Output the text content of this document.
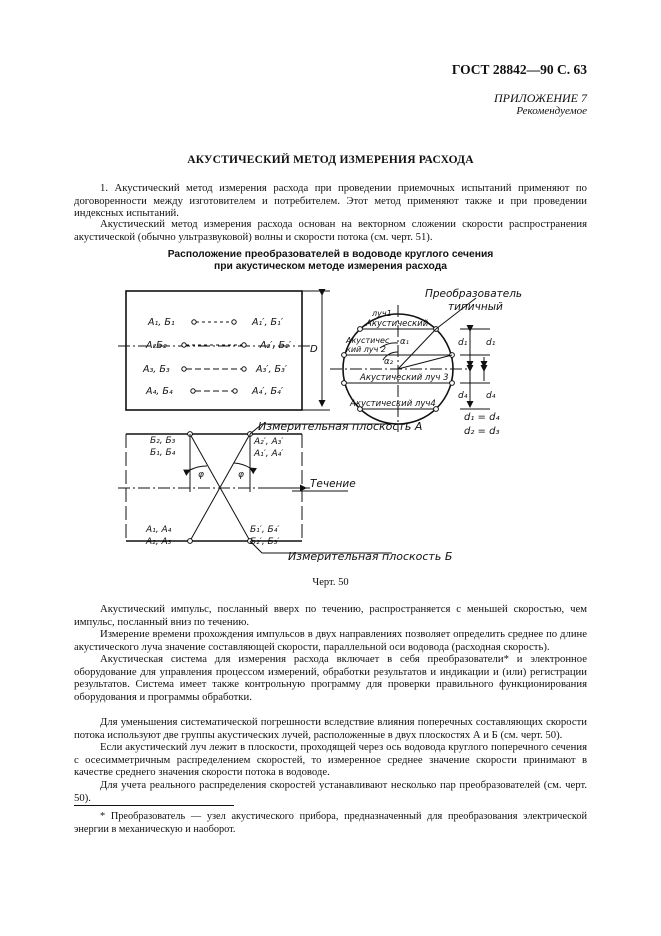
ГОСТ 28842—90 С. 63
ПРИЛОЖЕНИЕ 7
Рекомендуемое
АКУСТИЧЕСКИЙ МЕТОД ИЗМЕРЕНИЯ РАСХОДА

1. Акустический метод измерения расхода при проведении приемочных испытаний применяют по договоренности между изготовителем и потребителем. Этот метод применяют также и при проведении индексных испытаний.

Акустический метод измерения расхода основан на векторном сложении скорости распространения акустической (обычно ультразвуковой) волны и скорости потока (см. черт. 51).

Расположение преобразователей в водоводе круглого сечения
при акустическом методе измерения расхода
A₁, Б₁	A₁′, Б₁′
A₂Б₂	A₂′, Б₂′
A₃, Б₃	A₃′, Б₃′
A₄, Б₄	A₄′, Б₄′
D
Преобразователь
типичный
луч1
Акустический
Акустичес
кий луч 2
α₁
α₂
Акустический луч 3
Акустический луч4
d₁ d₁
d₄ d₄
d₁ = d₄
d₂ = d₃
Измерительная плоскость А
Измерительная плоскость Б
Течение
Б₂, Б₃
Б₁, Б₄
A₂′, A₃′
A₁′, A₄′
A₁, A₄
A₂, A₃
Б₁′, Б₄′
Б₂′, Б₃′
φ	φ
Черт. 50

Акустический импульс, посланный вверх по течению, распространяется с меньшей скоростью, чем импульс, посланный вниз по течению.

Измерение времени прохождения импульсов в двух направлениях позволяет определить среднее по длине акустического луча значение составляющей скорости, параллельной оси водовода (расходная скорость).

Акустическая система для измерения расхода включает в себя преобразователи* и электронное оборудование для управления процессом измерений, обработки результатов и индикации и (или) регистрации результатов. Система имеет также контрольную программу для проверки правильного функционирования оборудования и программы обработки.

Для уменьшения систематической погрешности вследствие влияния поперечных составляющих скорости потока используют две группы акустических лучей, расположенные в двух плоскостях А и Б (см. черт. 50).

Если акустический луч лежит в плоскости, проходящей через ось водовода круглого поперечного сечения с осесимметричным распределением скоростей, то измеренное среднее значение скорости принимают в качестве среднего значения скорости потока в водоводе.

Для учета реального распределения скоростей устанавливают несколько пар преобразователей (см. черт. 50).

* Преобразователь — узел акустического прибора, предназначенный для преобразования электрической энергии в механическую и наоборот.
